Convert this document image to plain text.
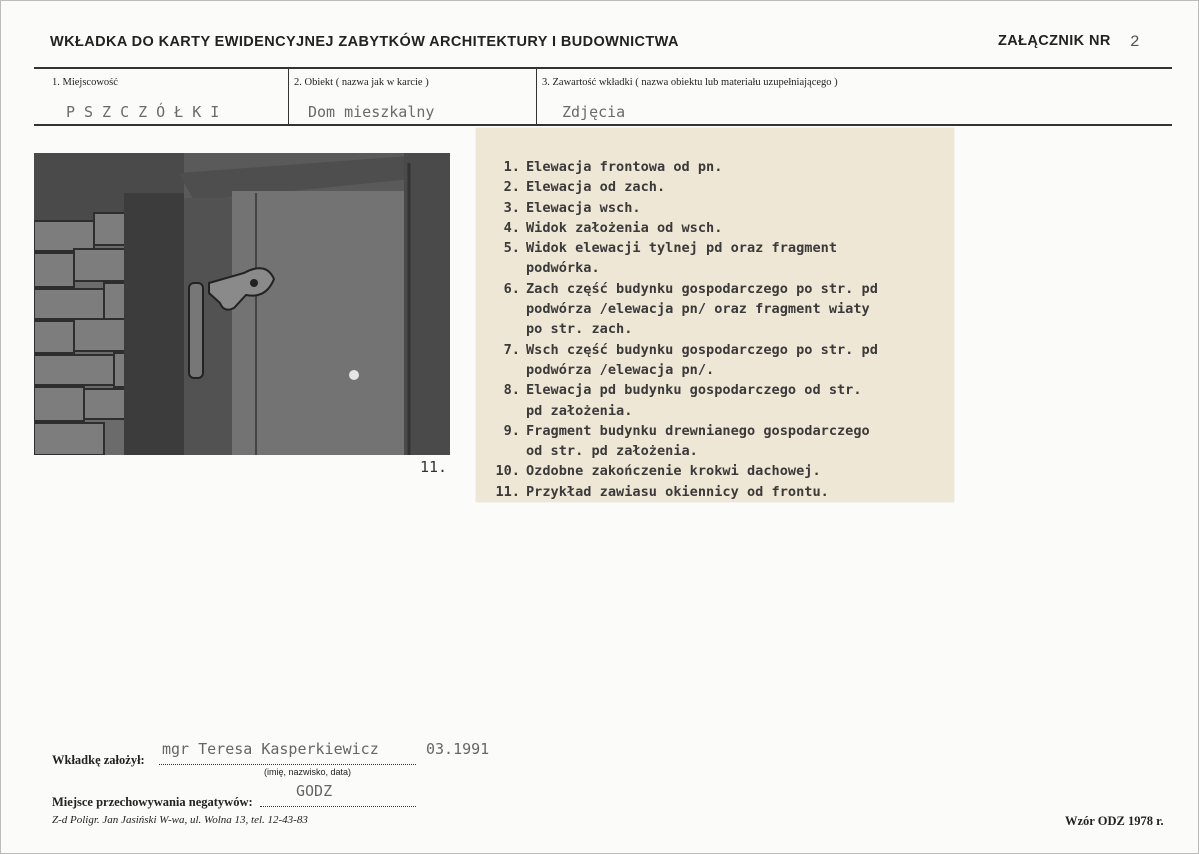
WKŁADKA DO KARTY EWIDENCYJNEJ ZABYTKÓW ARCHITEKTURY I BUDOWNICTWA	ZAŁĄCZNIK NR 2
1. Miejscowość
PSZCZÓŁKI
2. Obiekt ( nazwa jak w karcie )
Dom mieszkalny
3. Zawartość wkładki ( nazwa obiektu lub materiału uzupełniającego )
Zdjęcia
11.
1. Elewacja frontowa od pn.
2. Elewacja od zach.
3. Elewacja wsch.
4. Widok założenia od wsch.
5. Widok elewacji tylnej pd oraz fragment
podwórka.
6. Zach część budynku gospodarczego po str. pd
podwórza /elewacja pn/ oraz fragment wiaty
po str. zach.
7. Wsch część budynku gospodarczego po str. pd
podwórza /elewacja pn/.
8. Elewacja pd budynku gospodarczego od str.
pd założenia.
9. Fragment budynku drewnianego gospodarczego
od str. pd założenia.
10. Ozdobne zakończenie krokwi dachowej.
11. Przykład zawiasu okiennicy od frontu.
Wkładkę założył:
mgr Teresa Kasperkiewicz	03.1991
(imię, nazwisko, data)
Miejsce przechowywania negatywów:
GODZ
Z-d Poligr. Jan Jasiński W-wa, ul. Wolna 13, tel. 12-43-83	Wzór ODZ 1978 r.
